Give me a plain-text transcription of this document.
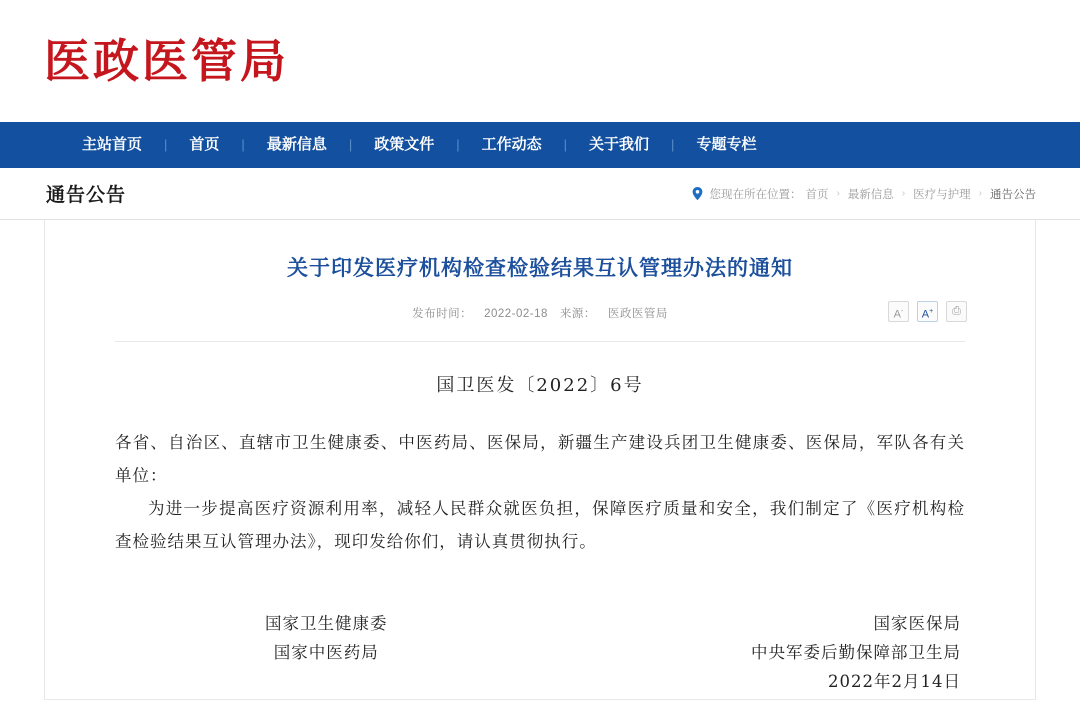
医政医管局
主站首页	|	首页	|	最新信息	|	政策文件	|	工作动态	|	关于我们	|	专题专栏
通告公告	您现在所在位置： 首页 › 最新信息 › 医疗与护理 › 通告公告
关于印发医疗机构检查检验结果互认管理办法的通知
发布时间： 2022-02-18 来源： 医政医管局	A-	A+	⎙
国卫医发〔2022〕6号

各省、自治区、直辖市卫生健康委、中医药局、医保局，新疆生产建设兵团卫生健康委、医保局，军队各有关单位：

为进一步提高医疗资源利用率，减轻人民群众就医负担，保障医疗质量和安全，我们制定了《医疗机构检查检验结果互认管理办法》，现印发给你们，请认真贯彻执行。

国家卫生健康委
国家中医药局
国家医保局
中央军委后勤保障部卫生局
2022年2月14日
